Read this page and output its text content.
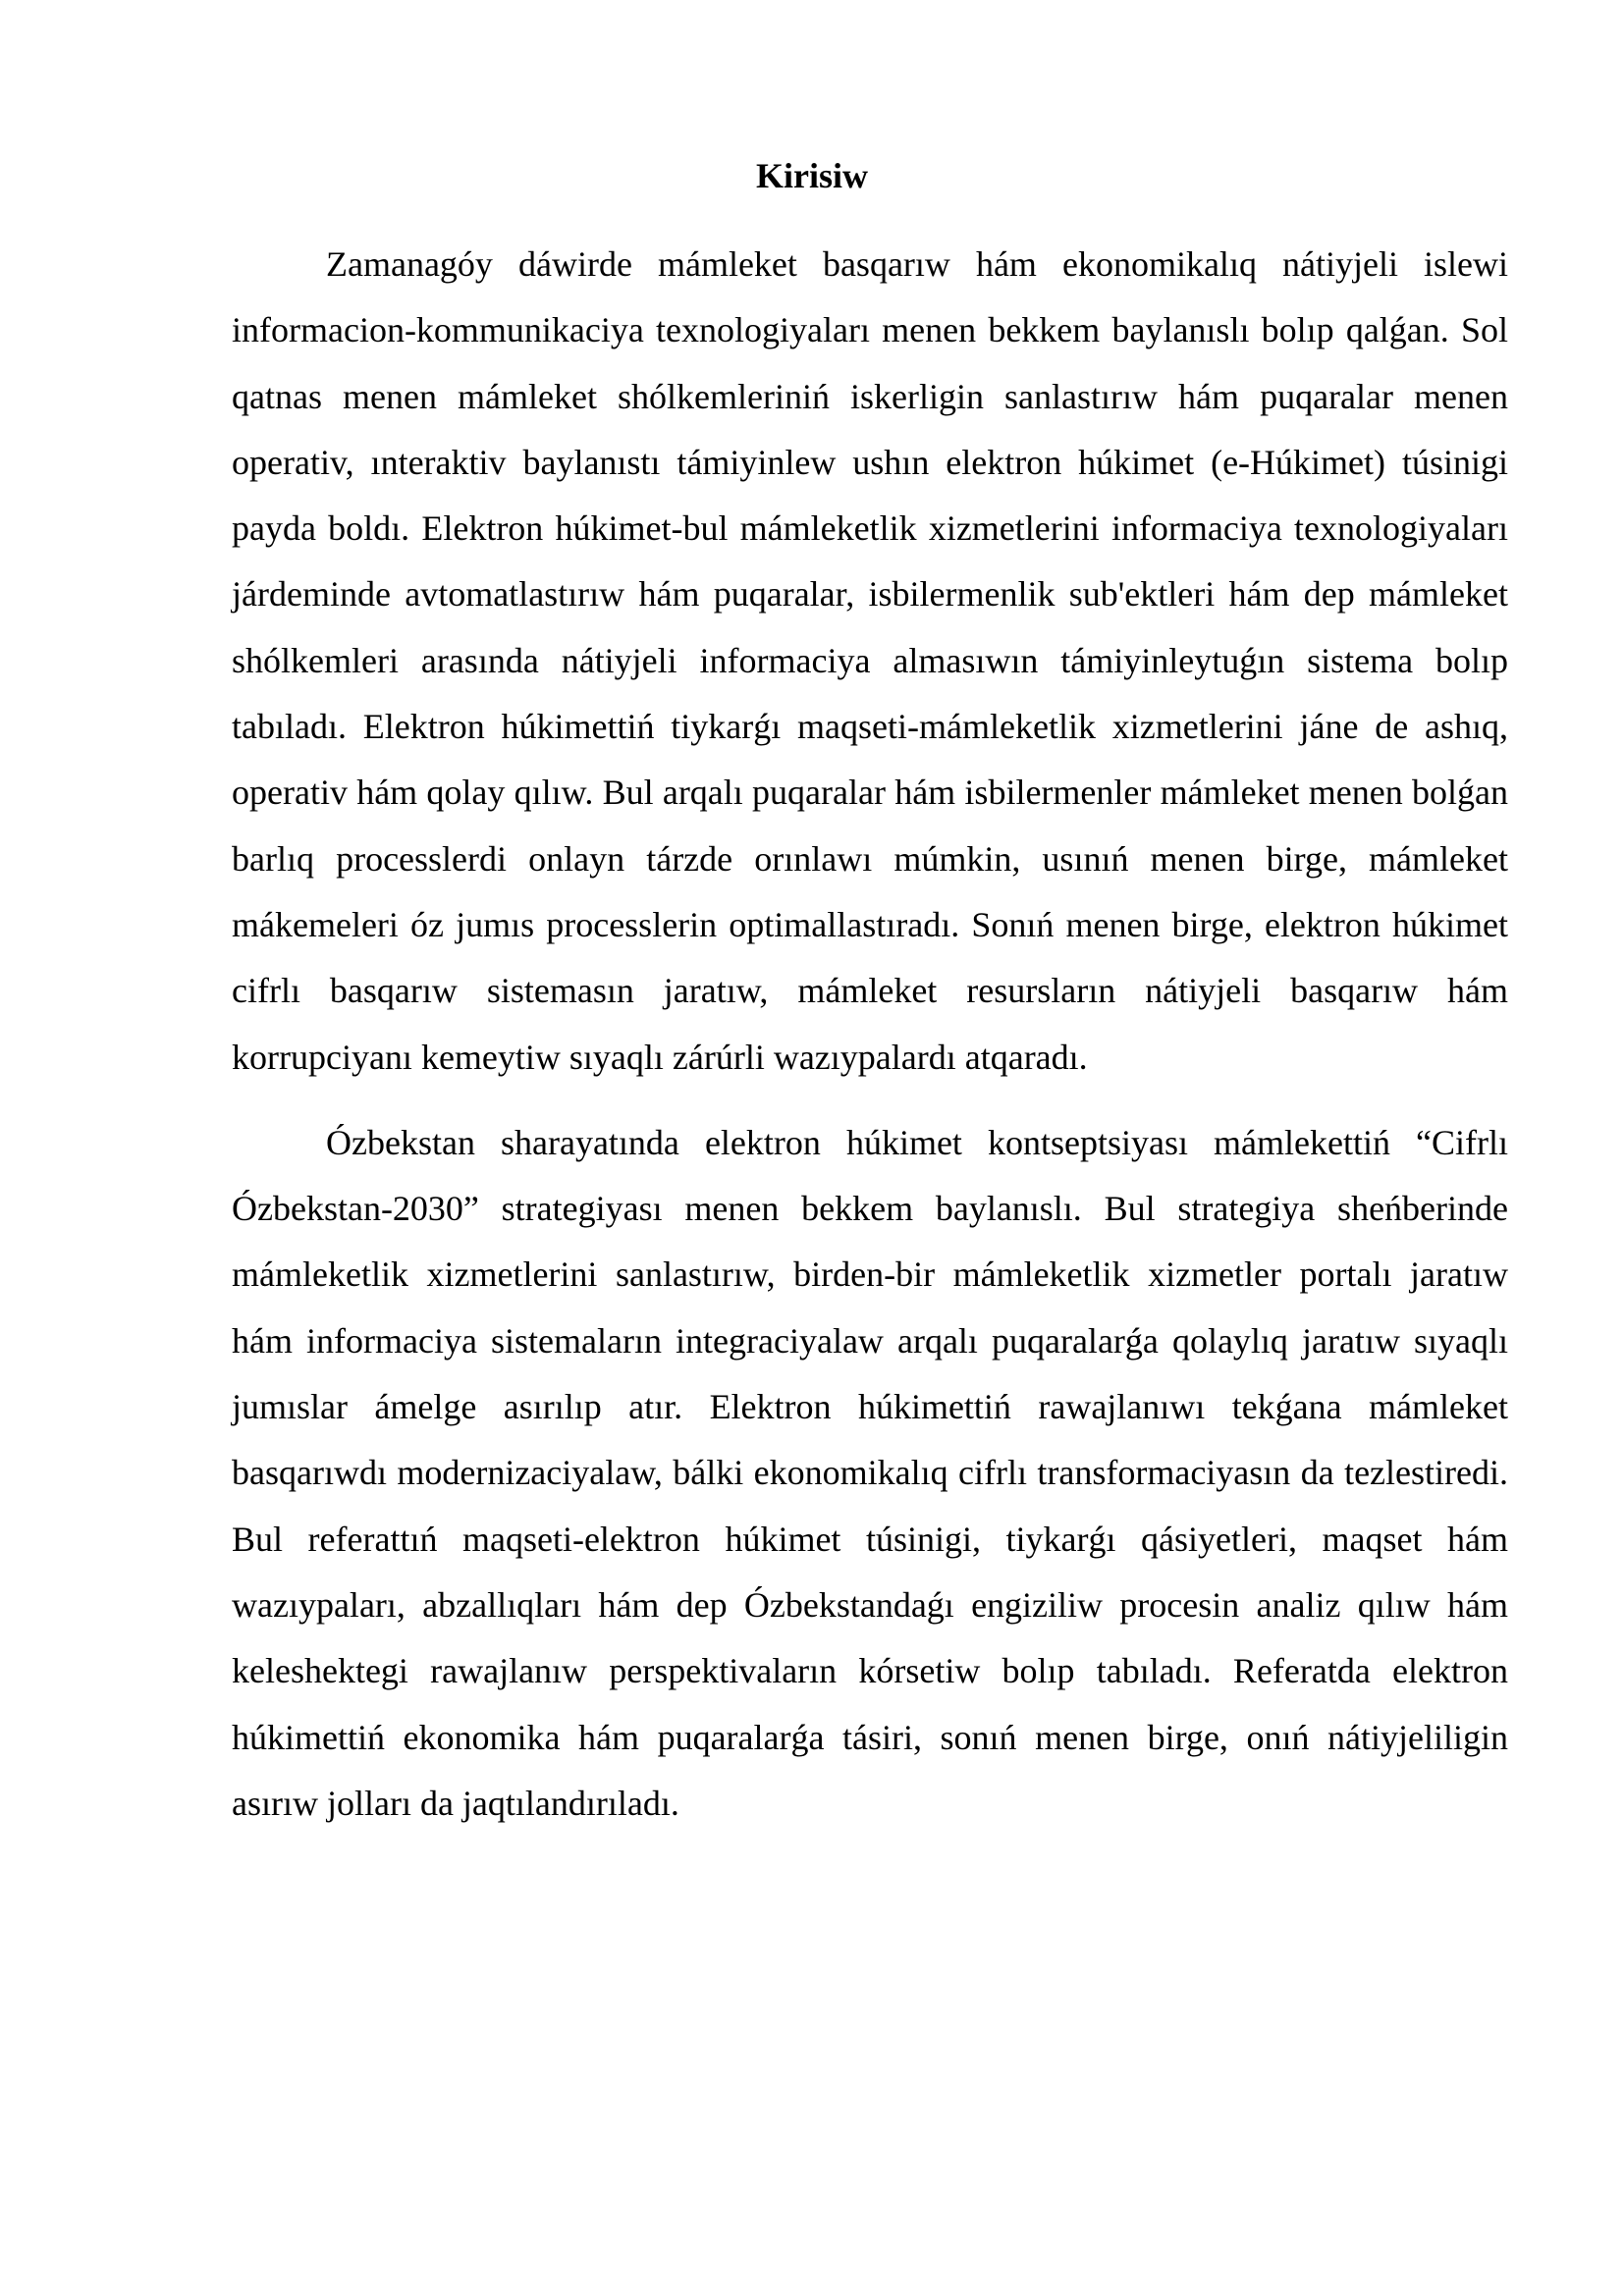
Kirisiw

Zamanagóy dáwirde mámleket basqarıw hám ekonomikalıq nátiyjeli islewi informacion-kommunikaciya texnologiyaları menen bekkem baylanıslı bolıp qalǵan. Sol qatnas menen mámleket shólkemleriniń iskerligin sanlastırıw hám puqaralar menen operativ, ınteraktiv baylanıstı támiyinlew ushın elektron húkimet (e-Húkimet) túsinigi payda boldı. Elektron húkimet-bul mámleketlik xizmetlerini informaciya texnologiyaları járdeminde avtomatlastırıw hám puqaralar, isbilermenlik sub'ektleri hám dep mámleket shólkemleri arasında nátiyjeli informaciya almasıwın támiyinleytuǵın sistema bolıp tabıladı. Elektron húkimettiń tiykarǵı maqseti-mámleketlik xizmetlerini jáne de ashıq, operativ hám qolay qılıw. Bul arqalı puqaralar hám isbilermenler mámleket menen bolǵan barlıq processlerdi onlayn tárzde orınlawı múmkin, usınıń menen birge, mámleket mákemeleri óz jumıs processlerin optimallastıradı. Sonıń menen birge, elektron húkimet cifrlı basqarıw sistemasın jaratıw, mámleket resursların nátiyjeli basqarıw hám korrupciyanı kemeytiw sıyaqlı zárúrli wazıypalardı atqaradı.

Ózbekstan sharayatında elektron húkimet kontseptsiyası mámlekettiń “Cifrlı Ózbekstan-2030” strategiyası menen bekkem baylanıslı. Bul strategiya sheńberinde mámleketlik xizmetlerini sanlastırıw, birden-bir mámleketlik xizmetler portalı jaratıw hám informaciya sistemaların integraciyalaw arqalı puqaralarǵa qolaylıq jaratıw sıyaqlı jumıslar ámelge asırılıp atır. Elektron húkimettiń rawajlanıwı tekǵana mámleket basqarıwdı modernizaciyalaw, bálki ekonomikalıq cifrlı transformaciyasın da tezlestiredi. Bul referattıń maqseti-elektron húkimet túsinigi, tiykarǵı qásiyetleri, maqset hám wazıypaları, abzallıqları hám dep Ózbekstandaǵı engiziliw procesin analiz qılıw hám keleshektegi rawajlanıw perspektivaların kórsetiw bolıp tabıladı. Referatda elektron húkimettiń ekonomika hám puqaralarǵa tásiri, sonıń menen birge, onıń nátiyjeliligin asırıw jolları da jaqtılandırıladı.
